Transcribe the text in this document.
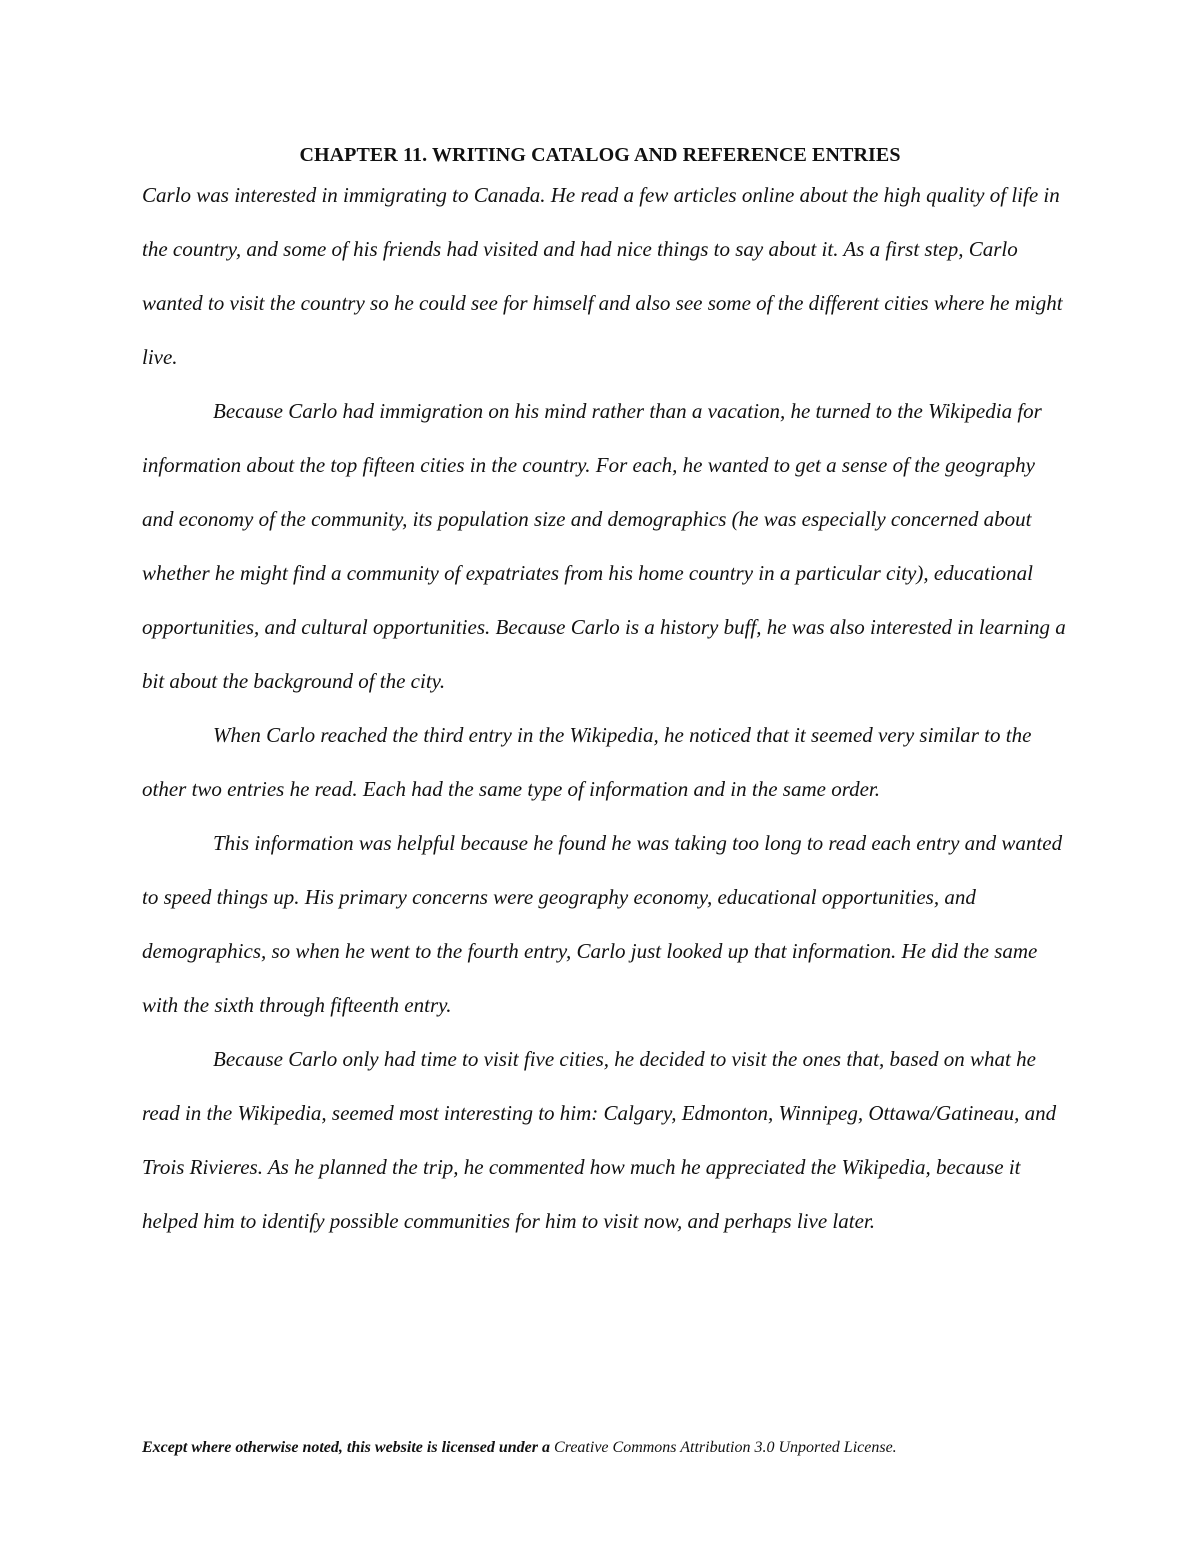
CHAPTER 11. WRITING CATALOG AND REFERENCE ENTRIES

Carlo was interested in immigrating to Canada. He read a few articles online about the high quality of life in the country, and some of his friends had visited and had nice things to say about it. As a first step, Carlo wanted to visit the country so he could see for himself and also see some of the different cities where he might live.

Because Carlo had immigration on his mind rather than a vacation, he turned to the Wikipedia for information about the top fifteen cities in the country. For each, he wanted to get a sense of the geography and economy of the community, its population size and demographics (he was especially concerned about whether he might find a community of expatriates from his home country in a particular city), educational opportunities, and cultural opportunities. Because Carlo is a history buff, he was also interested in learning a bit about the background of the city.

When Carlo reached the third entry in the Wikipedia, he noticed that it seemed very similar to the other two entries he read. Each had the same type of information and in the same order.

This information was helpful because he found he was taking too long to read each entry and wanted to speed things up. His primary concerns were geography economy, educational opportunities, and demographics, so when he went to the fourth entry, Carlo just looked up that information. He did the same with the sixth through fifteenth entry.

Because Carlo only had time to visit five cities, he decided to visit the ones that, based on what he read in the Wikipedia, seemed most interesting to him: Calgary, Edmonton, Winnipeg, Ottawa/Gatineau, and Trois Rivieres. As he planned the trip, he commented how much he appreciated the Wikipedia, because it helped him to identify possible communities for him to visit now, and perhaps live later.

Except where otherwise noted, this website is licensed under a Creative Commons Attribution 3.0 Unported License.
